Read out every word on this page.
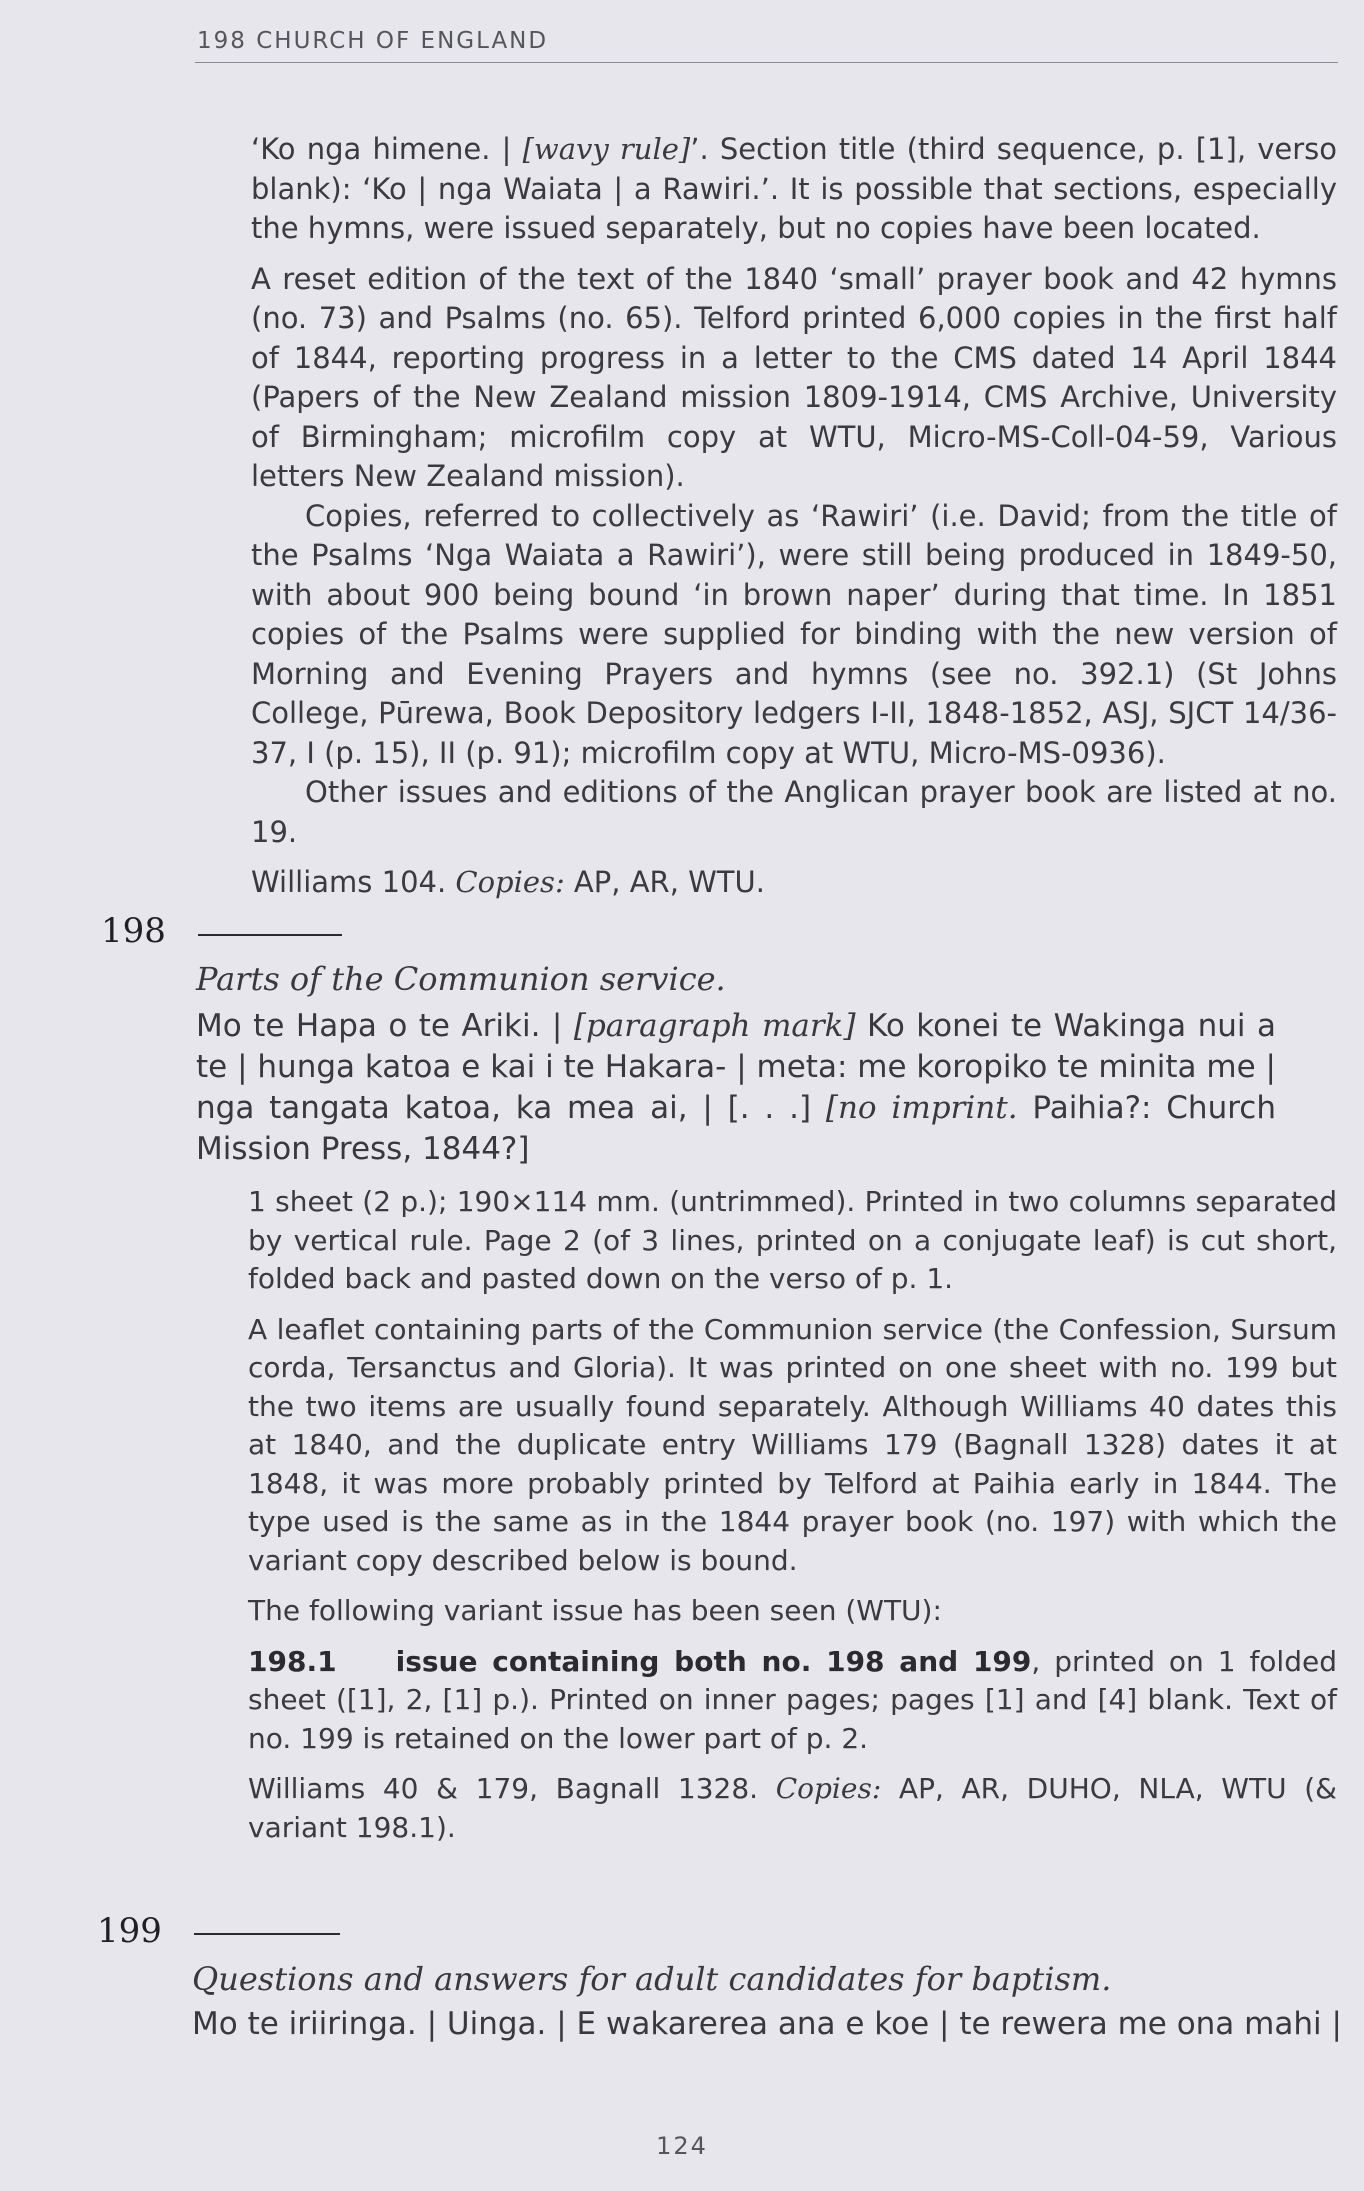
198 CHURCH OF ENGLAND

‘Ko nga himene. | [wavy rule]’. Section title (third sequence, p. [1], verso blank): ‘Ko | nga Waiata | a Rawiri.’. It is possible that sections, especially the hymns, were issued separately, but no copies have been located.

A reset edition of the text of the 1840 ‘small’ prayer book and 42 hymns (no. 73) and Psalms (no. 65). Telford printed 6,000 copies in the first half of 1844, reporting progress in a letter to the CMS dated 14 April 1844 (Papers of the New Zealand mission 1809-1914, CMS Archive, University of Birmingham; microfilm copy at WTU, Micro-MS-Coll-04-59, Various letters New Zealand mission).

Copies, referred to collectively as ‘Rawiri’ (i.e. David; from the title of the Psalms ‘Nga Waiata a Rawiri’), were still being produced in 1849-50, with about 900 being bound ‘in brown naper’ during that time. In 1851 copies of the Psalms were supplied for binding with the new version of Morning and Evening Prayers and hymns (see no. 392.1) (St Johns College, Pūrewa, Book Depository ledgers I-II, 1848-1852, ASJ, SJCT 14/36-37, I (p. 15), II (p. 91); microfilm copy at WTU, Micro-MS-0936).

Other issues and editions of the Anglican prayer book are listed at no. 19.

Williams 104. Copies: AP, AR, WTU.

198
Parts of the Communion service.
Mo te Hapa o te Ariki. | [paragraph mark] Ko konei te Wakinga nui a te | hunga katoa e kai i te Hakara- | meta: me koropiko te minita me | nga tangata katoa, ka mea ai, | [. . .] [no imprint. Paihia?: Church Mission Press, 1844?]

1 sheet (2 p.); 190×114 mm. (untrimmed). Printed in two columns separated by vertical rule. Page 2 (of 3 lines, printed on a conjugate leaf) is cut short, folded back and pasted down on the verso of p. 1.

A leaflet containing parts of the Communion service (the Confession, Sursum corda, Tersanctus and Gloria). It was printed on one sheet with no. 199 but the two items are usually found separately. Although Williams 40 dates this at 1840, and the duplicate entry Williams 179 (Bagnall 1328) dates it at 1848, it was more probably printed by Telford at Paihia early in 1844. The type used is the same as in the 1844 prayer book (no. 197) with which the variant copy described below is bound.

The following variant issue has been seen (WTU):

198.1    issue containing both no. 198 and 199, printed on 1 folded sheet ([1], 2, [1] p.). Printed on inner pages; pages [1] and [4] blank. Text of no. 199 is retained on the lower part of p. 2.

Williams 40 & 179, Bagnall 1328. Copies: AP, AR, DUHO, NLA, WTU (& variant 198.1).

199
Questions and answers for adult candidates for baptism.
Mo te iriiringa. | Uinga. | E wakarerea ana e koe | te rewera me ona mahi |
124
